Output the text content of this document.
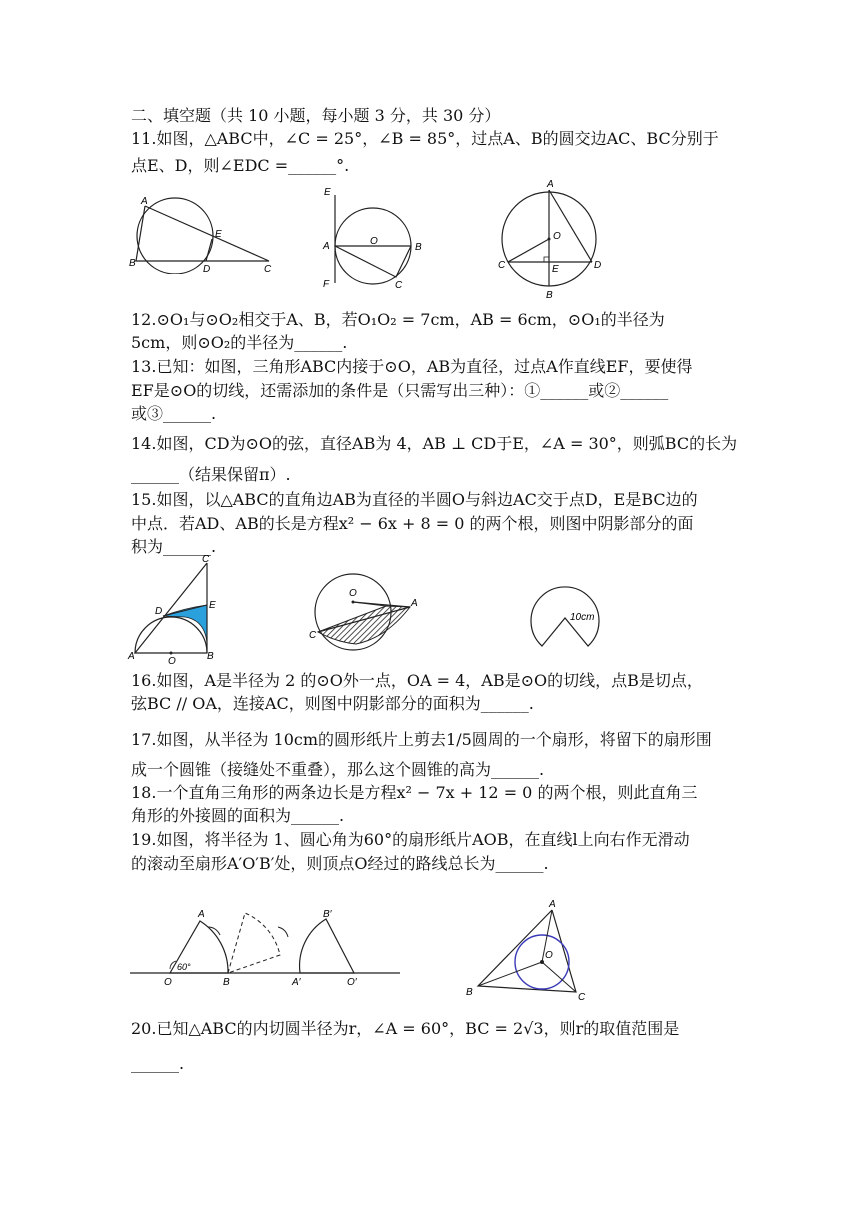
二、填空题（共 10 小题，每小题 3 分，共 30 分）
11.如图，△ABC中，∠C = 25°，∠B = 85°，过点A、B的圆交边AC、BC分别于
点E、D，则∠EDC =______°.
12.⊙O₁与⊙O₂相交于A、B，若O₁O₂ = 7cm，AB = 6cm，⊙O₁的半径为
5cm，则⊙O₂的半径为______.
13.已知：如图，三角形ABC内接于⊙O，AB为直径，过点A作直线EF，要使得
EF是⊙O的切线，还需添加的条件是（只需写出三种）：①______或②______
或③______.
14.如图，CD为⊙O的弦，直径AB为 4，AB ⊥ CD于E，∠A = 30°，则弧BC的长为
______（结果保留π）.
15.如图，以△ABC的直角边AB为直径的半圆O与斜边AC交于点D，E是BC边的
中点．若AD、AB的长是方程x² − 6x + 8 = 0 的两个根，则图中阴影部分的面
积为______.
16.如图，A是半径为 2 的⊙O外一点，OA = 4，AB是⊙O的切线，点B是切点，
弦BC // OA，连接AC，则图中阴影部分的面积为______.
17.如图，从半径为 10cm的圆形纸片上剪去1/5圆周的一个扇形，将留下的扇形围
成一个圆锥（接缝处不重叠），那么这个圆锥的高为______.
18.一个直角三角形的两条边长是方程x² − 7x + 12 = 0 的两个根，则此直角三
角形的外接圆的面积为______.
19.如图，将半径为 1、圆心角为60°的扇形纸片AOB，在直线l上向右作无滑动
的滚动至扇形A′O′B′处，则顶点O经过的路线总长为______.
20.已知△ABC的内切圆半径为r，∠A = 60°，BC = 2√3，则r的取值范围是
______.
A
E
B
D	C
E
A	O
B
F	C
A
O
C	E	D
B
C
D
E
A	O	B
O
A
C
10cm
A	B′
60°
O	B	A′	O′
A
O
B	C
